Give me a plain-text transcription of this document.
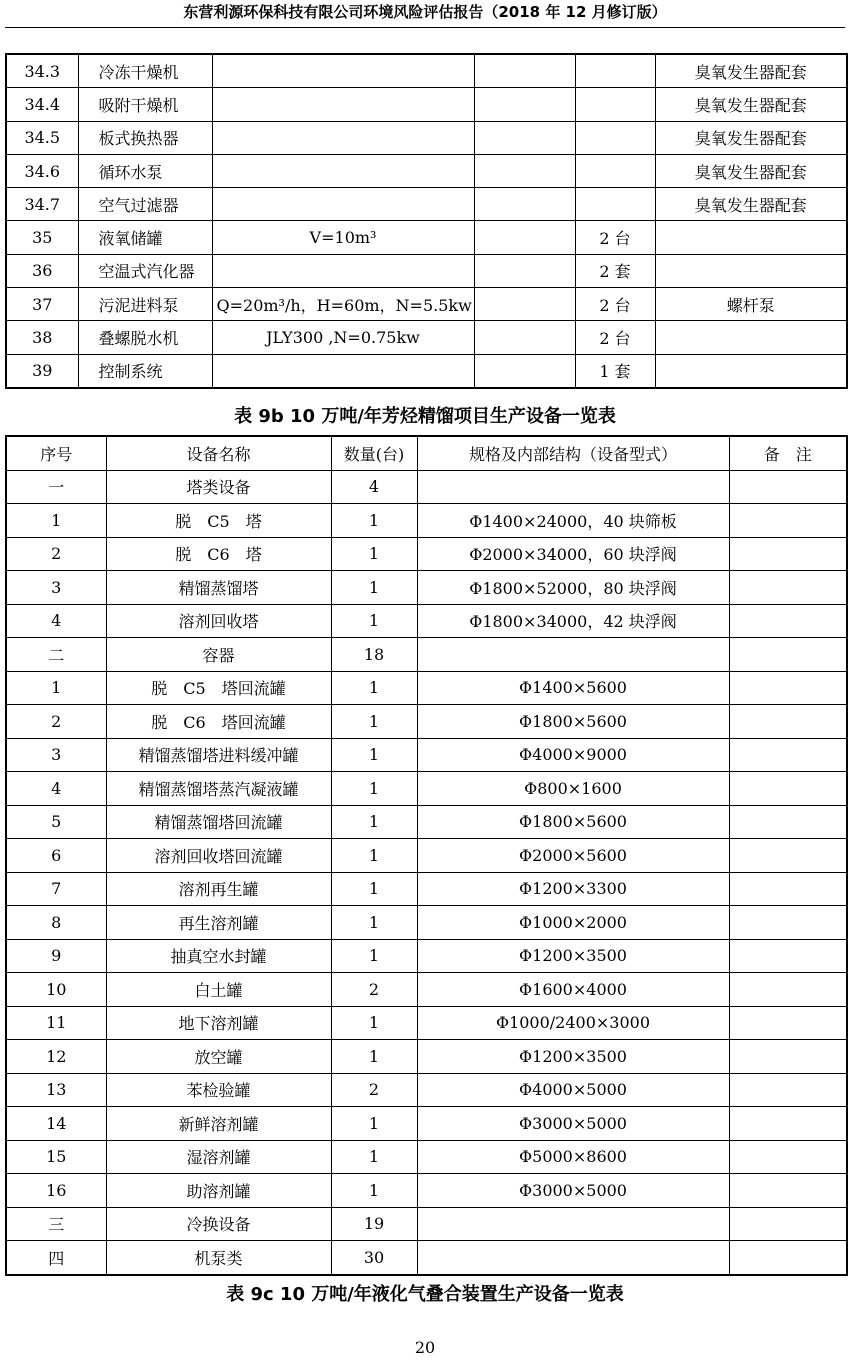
东营利源环保科技有限公司环境风险评估报告（2018 年 12 月修订版）
34.3	冷冻干燥机				臭氧发生器配套
34.4	吸附干燥机				臭氧发生器配套
34.5	板式换热器				臭氧发生器配套
34.6	循环水泵				臭氧发生器配套
34.7	空气过滤器				臭氧发生器配套
35	液氧储罐	V=10m³		2 台	
36	空温式汽化器			2 套	
37	污泥进料泵	Q=20m³/h，H=60m，N=5.5kw		2 台	螺杆泵
38	叠螺脱水机	JLY300 ,N=0.75kw		2 台	
39	控制系统			1 套	
表 9b 10 万吨/年芳烃精馏项目生产设备一览表
序号	设备名称	数量(台)	规格及内部结构（设备型式）	备　注
一	塔类设备	4		
1	脱　C5　塔	1	Φ1400×24000，40 块筛板	
2	脱　C6　塔	1	Φ2000×34000，60 块浮阀	
3	精馏蒸馏塔	1	Φ1800×52000，80 块浮阀	
4	溶剂回收塔	1	Φ1800×34000，42 块浮阀	
二	容器	18		
1	脱　C5　塔回流罐	1	Φ1400×5600	
2	脱　C6　塔回流罐	1	Φ1800×5600	
3	精馏蒸馏塔进料缓冲罐	1	Φ4000×9000	
4	精馏蒸馏塔蒸汽凝液罐	1	Φ800×1600	
5	精馏蒸馏塔回流罐	1	Φ1800×5600	
6	溶剂回收塔回流罐	1	Φ2000×5600	
7	溶剂再生罐	1	Φ1200×3300	
8	再生溶剂罐	1	Φ1000×2000	
9	抽真空水封罐	1	Φ1200×3500	
10	白土罐	2	Φ1600×4000	
11	地下溶剂罐	1	Φ1000/2400×3000	
12	放空罐	1	Φ1200×3500	
13	苯检验罐	2	Φ4000×5000	
14	新鲜溶剂罐	1	Φ3000×5000	
15	湿溶剂罐	1	Φ5000×8600	
16	助溶剂罐	1	Φ3000×5000	
三	冷换设备	19		
四	机泵类	30		
表 9c 10 万吨/年液化气叠合装置生产设备一览表
20
